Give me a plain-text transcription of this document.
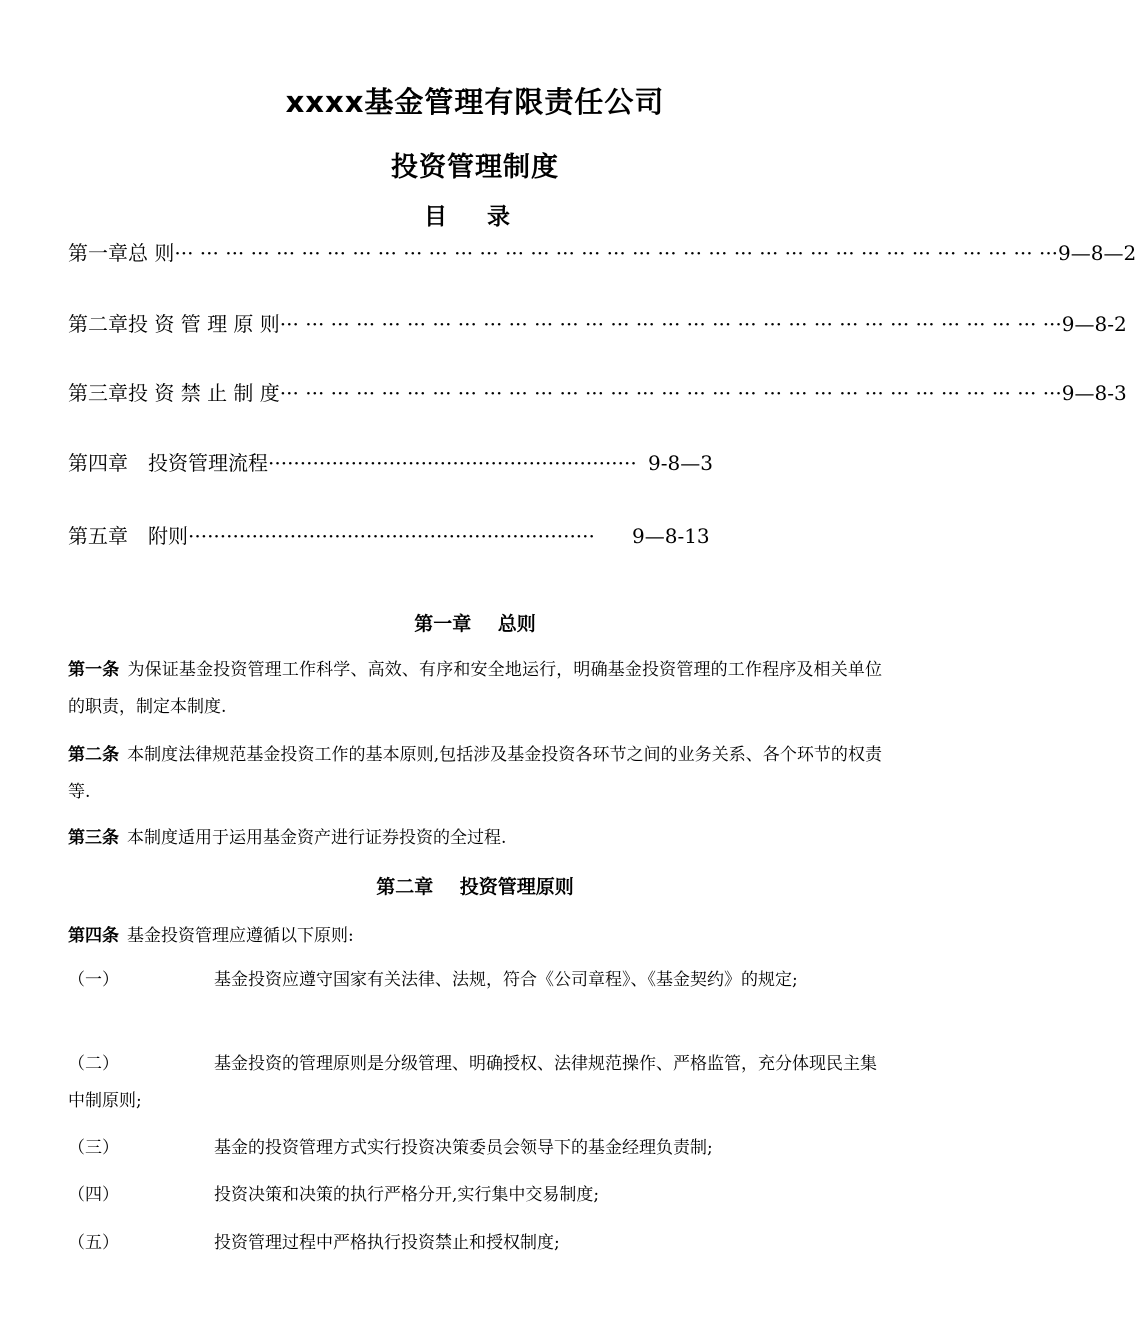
xxxx基金管理有限责任公司
投资管理制度
目 录
第一章 总 则 ··· ··· ··· ··· ··· ··· ··· ··· ··· ··· ··· ··· ··· ··· ··· ··· ··· ··· ··· ··· ··· ··· ··· ··· ··· ··· ··· ··· ··· ··· ··· ··· ··· ··· ··· 9—8—2
第二章 投 资 管 理 原 则 ··· ··· ··· ··· ··· ··· ··· ··· ··· ··· ··· ··· ··· ··· ··· ··· ··· ··· ··· ··· ··· ··· ··· ··· ··· ··· ··· ··· ··· ··· ··· 9—8-2
第三章 投 资 禁 止 制 度 ··· ··· ··· ··· ··· ··· ··· ··· ··· ··· ··· ··· ··· ··· ··· ··· ··· ··· ··· ··· ··· ··· ··· ··· ··· ··· ··· ··· ··· ··· ··· 9—8-3
第四章 投资管理流程 ·························································· 9-8—3
第五章 附则 ································································	9—8-13
第一章    总则
第一条 为保证基金投资管理工作科学、高效、有序和安全地运行，明确基金投资管理的工作程序及相关单位的职责，制定本制度.
第二条 本制度法律规范基金投资工作的基本原则,包括涉及基金投资各环节之间的业务关系、各个环节的权责等.
第三条 本制度适用于运用基金资产进行证券投资的全过程.
第二章    投资管理原则
第四条 基金投资管理应遵循以下原则:
（一）	基金投资应遵守国家有关法律、法规，符合《公司章程》、《基金契约》的规定;
（二）	基金投资的管理原则是分级管理、明确授权、法律规范操作、严格监管，充分体现民主集中制原则;
（三）	基金的投资管理方式实行投资决策委员会领导下的基金经理负责制;
（四）	投资决策和决策的执行严格分开,实行集中交易制度;
（五）	投资管理过程中严格执行投资禁止和授权制度;
